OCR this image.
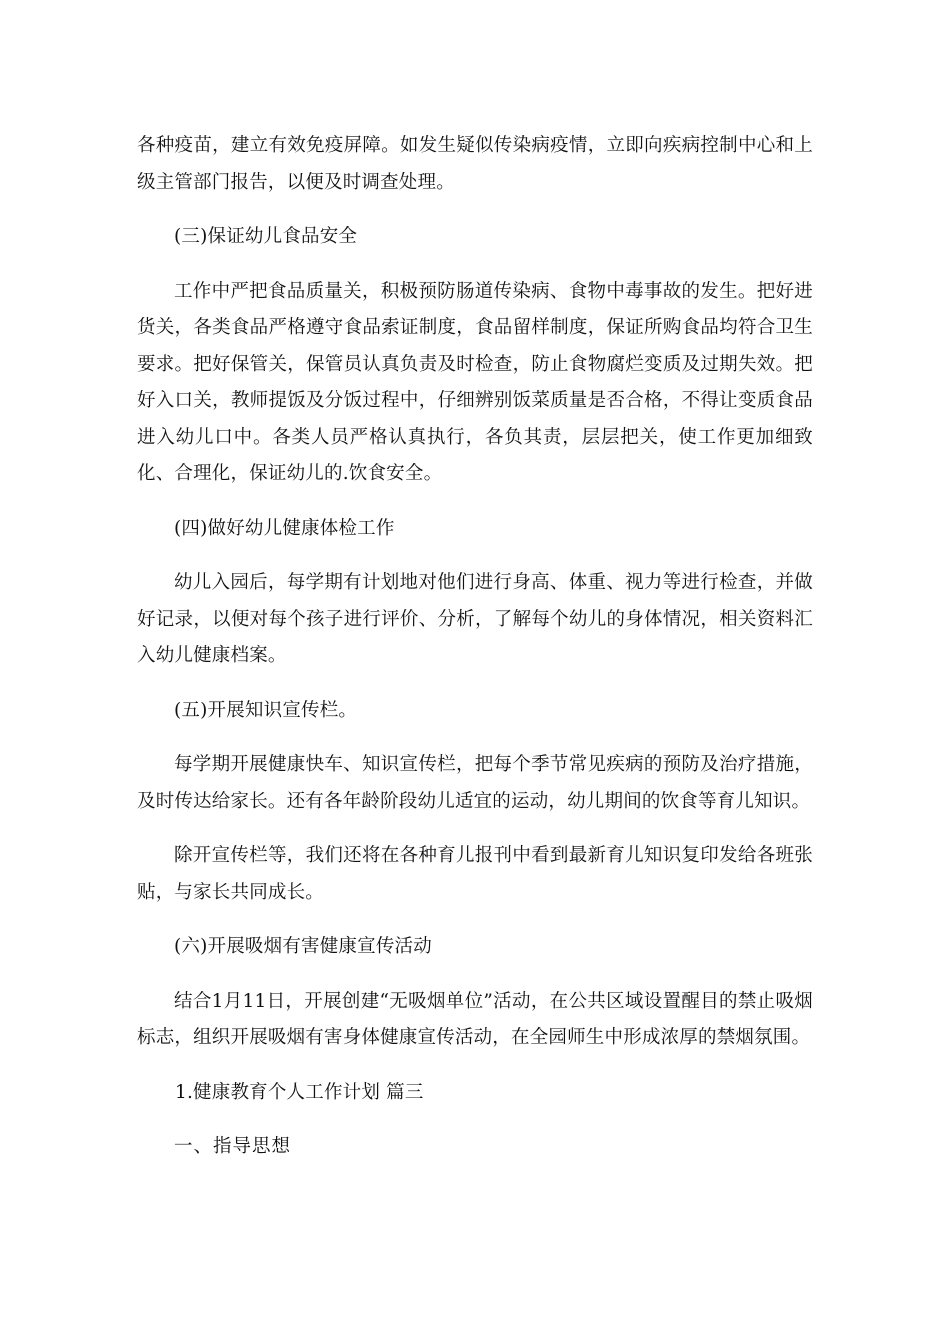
各种疫苗，建立有效免疫屏障。如发生疑似传染病疫情，立即向疾病控制中心和上级主管部门报告，以便及时调查处理。

(三)保证幼儿食品安全

工作中严把食品质量关，积极预防肠道传染病、食物中毒事故的发生。把好进货关，各类食品严格遵守食品索证制度，食品留样制度，保证所购食品均符合卫生要求。把好保管关，保管员认真负责及时检查，防止食物腐烂变质及过期失效。把好入口关，教师提饭及分饭过程中，仔细辨别饭菜质量是否合格，不得让变质食品进入幼儿口中。各类人员严格认真执行，各负其责，层层把关，使工作更加细致化、合理化，保证幼儿的.饮食安全。

(四)做好幼儿健康体检工作

幼儿入园后，每学期有计划地对他们进行身高、体重、视力等进行检查，并做好记录，以便对每个孩子进行评价、分析，了解每个幼儿的身体情况，相关资料汇入幼儿健康档案。

(五)开展知识宣传栏。

每学期开展健康快车、知识宣传栏，把每个季节常见疾病的预防及治疗措施，及时传达给家长。还有各年龄阶段幼儿适宜的运动，幼儿期间的饮食等育儿知识。

除开宣传栏等，我们还将在各种育儿报刊中看到最新育儿知识复印发给各班张贴，与家长共同成长。

(六)开展吸烟有害健康宣传活动

结合1月11日，开展创建“无吸烟单位”活动，在公共区域设置醒目的禁止吸烟标志，组织开展吸烟有害身体健康宣传活动，在全园师生中形成浓厚的禁烟氛围。

1.健康教育个人工作计划 篇三

一、指导思想
